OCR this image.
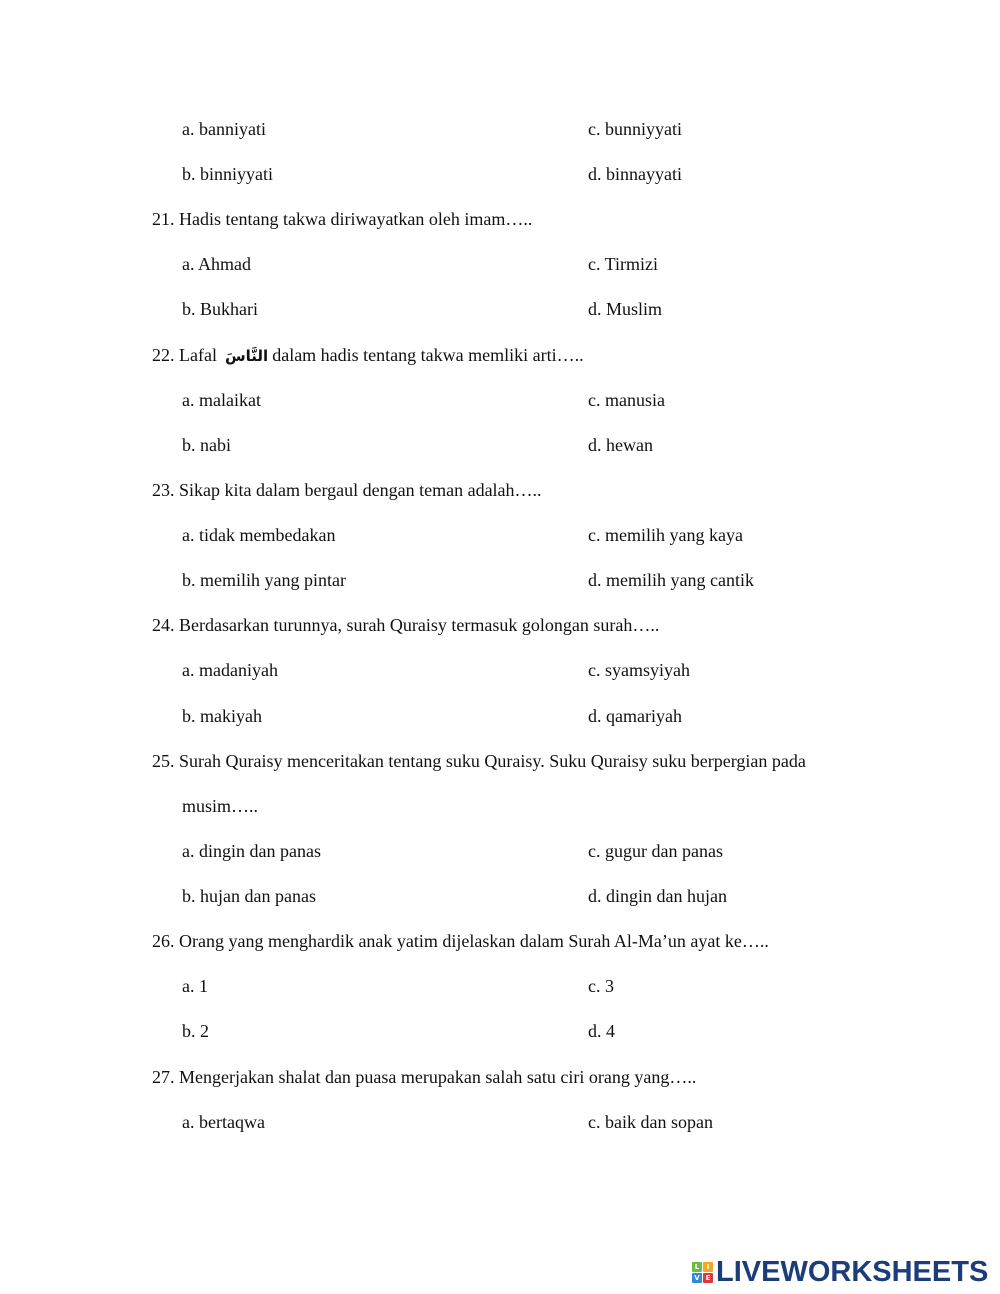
a. banniyati	c. bunniyyati
b. binniyyati	d. binnayyati
21. Hadis tentang takwa diriwayatkan oleh imam…..
a. Ahmad	c. Tirmizi
b. Bukhari	d. Muslim
22. Lafal النَّاسَ dalam hadis tentang takwa memliki arti…..
a. malaikat	c. manusia
b. nabi	d. hewan
23. Sikap kita dalam bergaul dengan teman adalah…..
a. tidak membedakan	c. memilih yang kaya
b. memilih yang pintar	d. memilih yang cantik
24. Berdasarkan turunnya, surah Quraisy termasuk golongan surah…..
a. madaniyah	c. syamsyiyah
b. makiyah	d. qamariyah
25. Surah Quraisy menceritakan tentang suku Quraisy. Suku Quraisy suku berpergian pada
musim…..
a. dingin dan panas	c. gugur dan panas
b. hujan dan panas	d. dingin dan hujan
26. Orang yang menghardik anak yatim dijelaskan dalam Surah Al-Ma’un ayat ke…..
a. 1	c. 3
b. 2	d. 4
27. Mengerjakan shalat dan puasa merupakan salah satu ciri orang yang…..
a. bertaqwa	c. baik dan sopan
L	I
V E LIVEWORKSHEETS
